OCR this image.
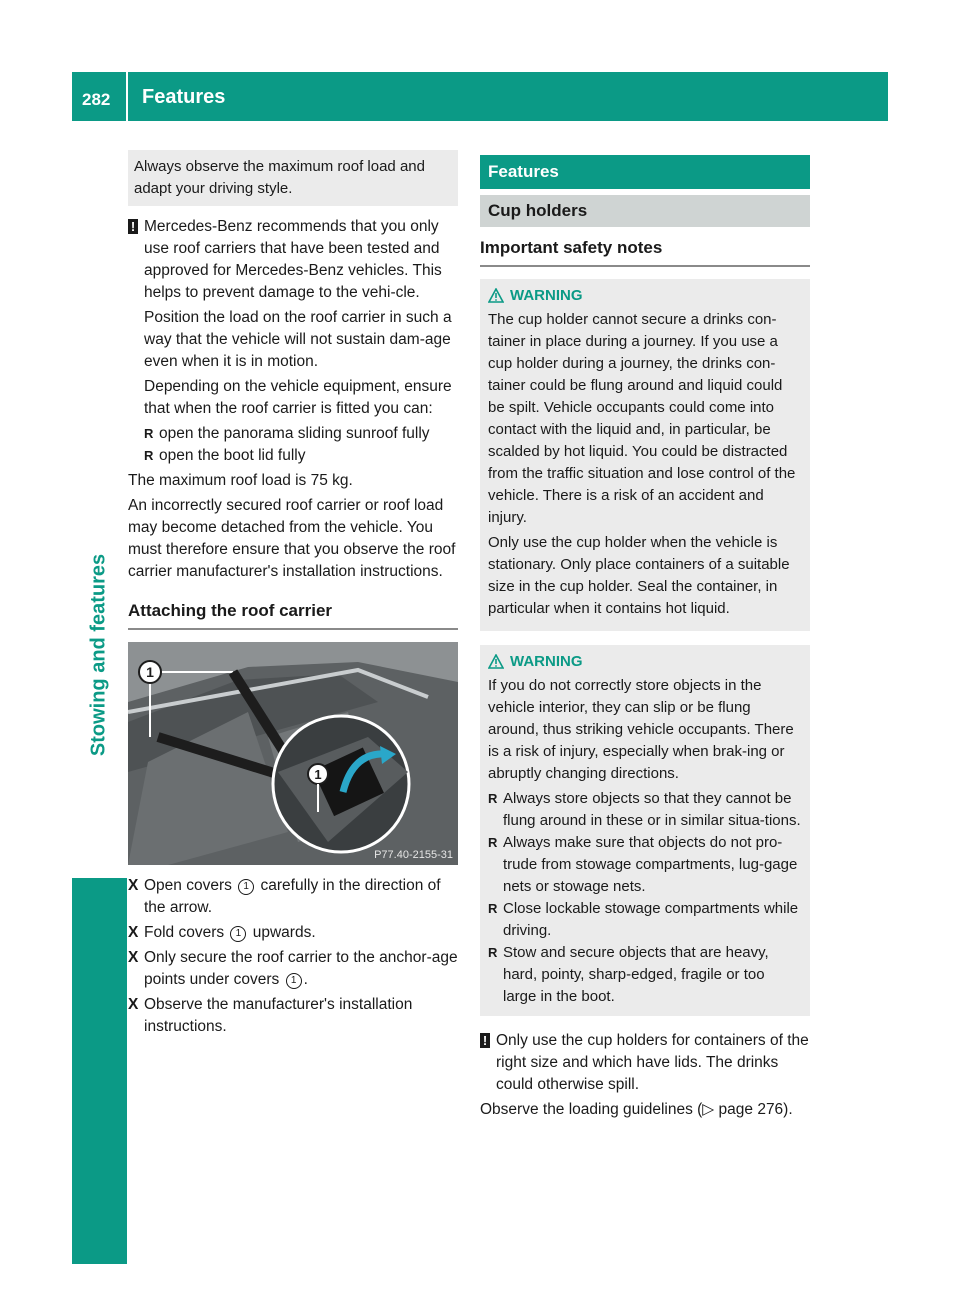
282 Features
Stowing and features
Always observe the maximum roof load and adapt your driving style.
! Mercedes-Benz recommends that you only use roof carriers that have been tested and approved for Mercedes-Benz vehicles. This helps to prevent damage to the vehi-cle.
Position the load on the roof carrier in such a way that the vehicle will not sustain dam-age even when it is in motion.
Depending on the vehicle equipment, ensure that when the roof carrier is fitted you can:
R open the panorama sliding sunroof fully
R open the boot lid fully
The maximum roof load is 75 kg.
An incorrectly secured roof carrier or roof load may become detached from the vehicle. You must therefore ensure that you observe the roof carrier manufacturer's installation instructions.
Attaching the roof carrier
1
1
P77.40-2155-31
X Open covers 1 carefully in the direction of the arrow.
X Fold covers 1 upwards.
X Only secure the roof carrier to the anchor-age points under covers 1 .
X Observe the manufacturer's installation instructions.
Features
Cup holders
Important safety notes
WARNING
The cup holder cannot secure a drinks con-tainer in place during a journey. If you use a cup holder during a journey, the drinks con-tainer could be flung around and liquid could be spilt. Vehicle occupants could come into contact with the liquid and, in particular, be scalded by hot liquid. You could be distracted from the traffic situation and lose control of the vehicle. There is a risk of an accident and injury.
Only use the cup holder when the vehicle is stationary. Only place containers of a suitable size in the cup holder. Seal the container, in particular when it contains hot liquid.
WARNING
If you do not correctly store objects in the vehicle interior, they can slip or be flung around, thus striking vehicle occupants. There is a risk of injury, especially when brak-ing or abruptly changing directions.
R Always store objects so that they cannot be flung around in these or in similar situa-tions.
R Always make sure that objects do not pro-trude from stowage compartments, lug-gage nets or stowage nets.
R Close lockable stowage compartments while driving.
R Stow and secure objects that are heavy, hard, pointy, sharp-edged, fragile or too large in the boot.
! Only use the cup holders for containers of the right size and which have lids. The drinks could otherwise spill.
Observe the loading guidelines (▷ page 276).
